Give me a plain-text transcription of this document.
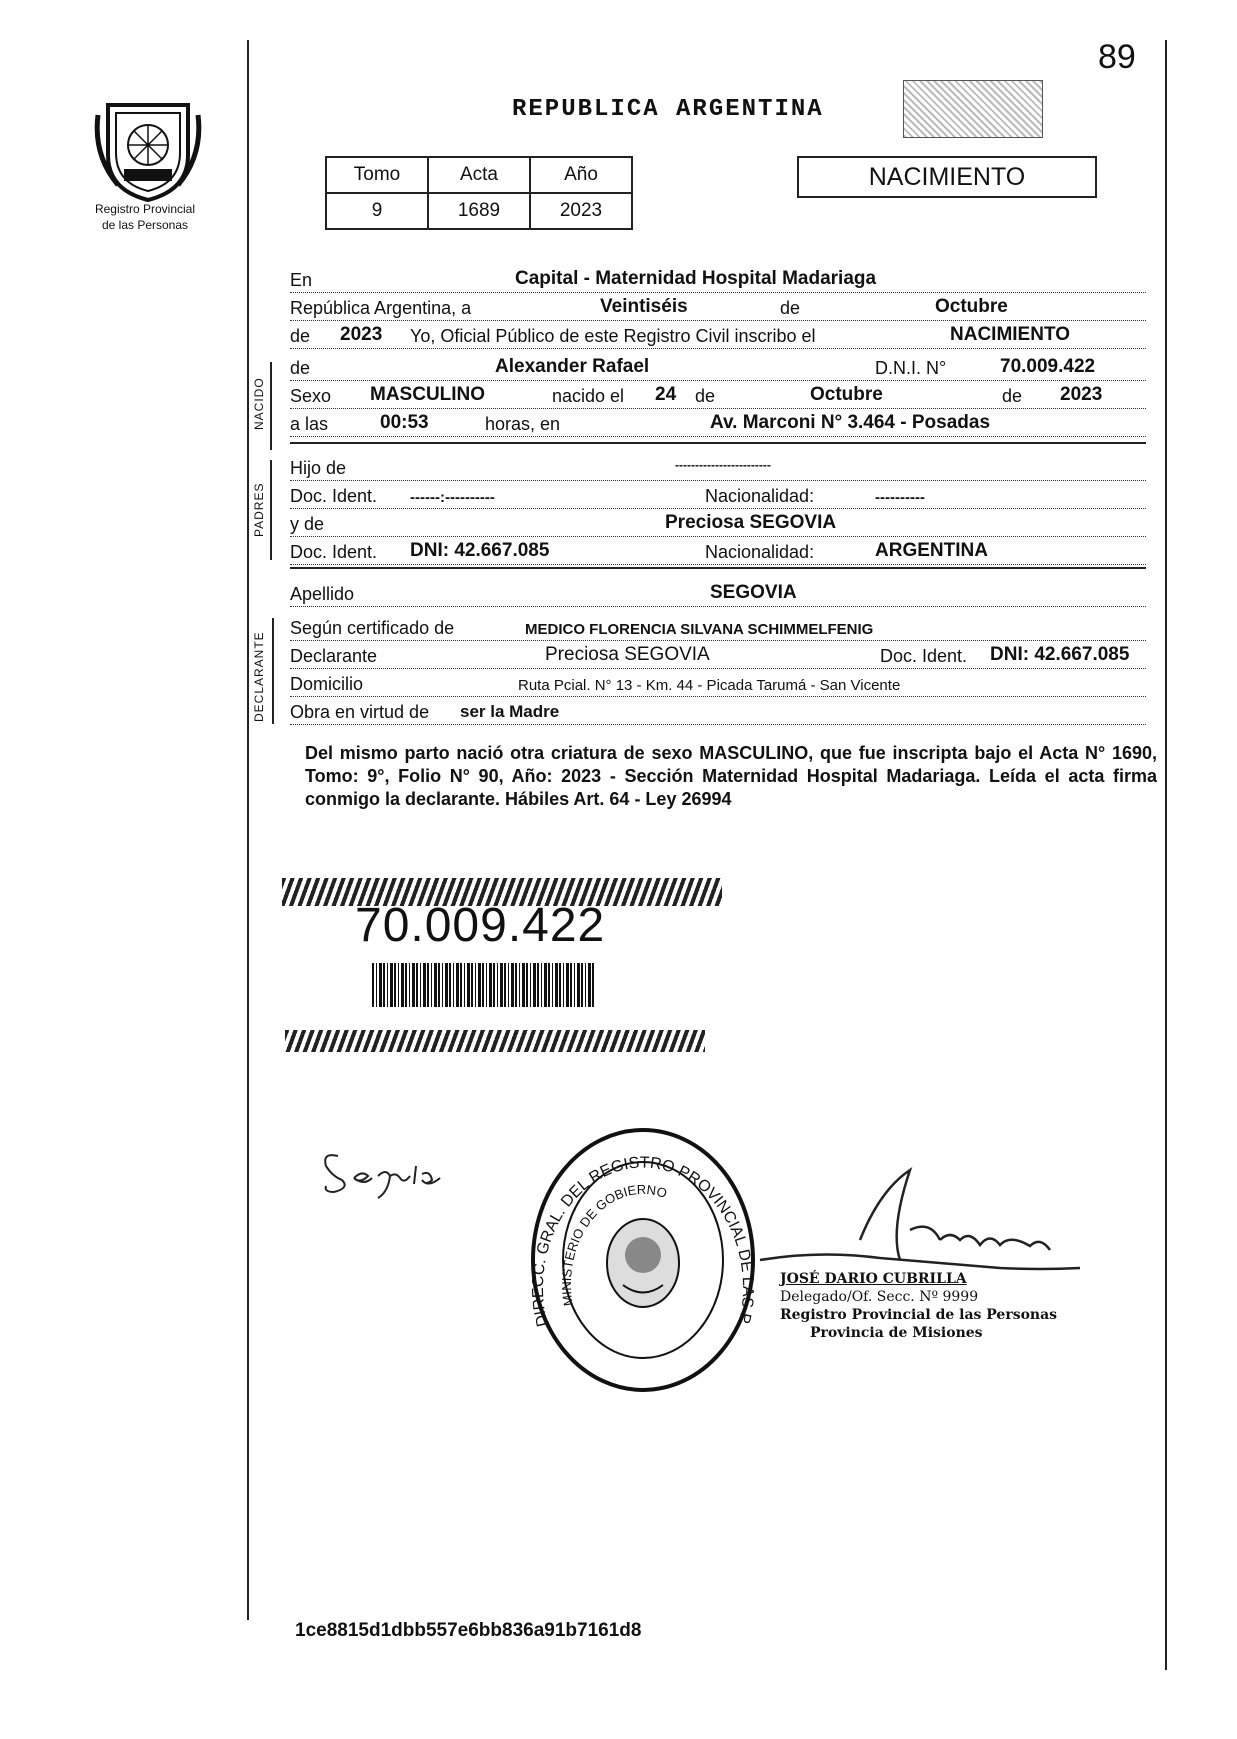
89
Registro Provincial
de las Personas
REPUBLICA ARGENTINA
Tomo	Acta	Año
9	1689	2023
NACIMIENTO
En	Capital - Maternidad Hospital Madariaga
República Argentina, a	Veintiséis	de	Octubre
de 2023 Yo, Oficial Público de este Registro Civil inscribo el	NACIMIENTO
NACIDO
de	Alexander Rafael	D.N.I. N°	70.009.422
Sexo MASCULINO	nacido el 24 de	Octubre	de 2023
a las	00:53	horas, en	Av. Marconi N° 3.464 - Posadas
PADRES
Hijo de	------------------------
Doc. Ident. ------:----------	Nacionalidad:	----------
y de	Preciosa SEGOVIA
Doc. Ident. DNI: 42.667.085	Nacionalidad:	ARGENTINA
Apellido	SEGOVIA
DECLARANTE
Según certificado de	MEDICO FLORENCIA SILVANA SCHIMMELFENIG
Declarante	Preciosa SEGOVIA	Doc. Ident. DNI: 42.667.085
Domicilio	Ruta Pcial. N° 13 - Km. 44 - Picada Tarumá - San Vicente
Obra en virtud de ser la Madre
Del mismo parto nació otra criatura de sexo MASCULINO, que fue inscripta bajo el Acta N° 1690, Tomo: 9°, Folio N° 90, Año: 2023 - Sección Maternidad Hospital Madariaga. Leída el acta firma conmigo la declarante. Hábiles Art. 64 - Ley 26994
70.009.422
DIRECC. GRAL. DEL REGISTRO PROVINCIAL DE LAS P
MINISTERIO DE GOBIERNO
JOSÉ DARIO CUBRILLA
Delegado/Of. Secc. Nº 9999
Registro Provincial de las Personas
Provincia de Misiones
1ce8815d1dbb557e6bb836a91b7161d8
